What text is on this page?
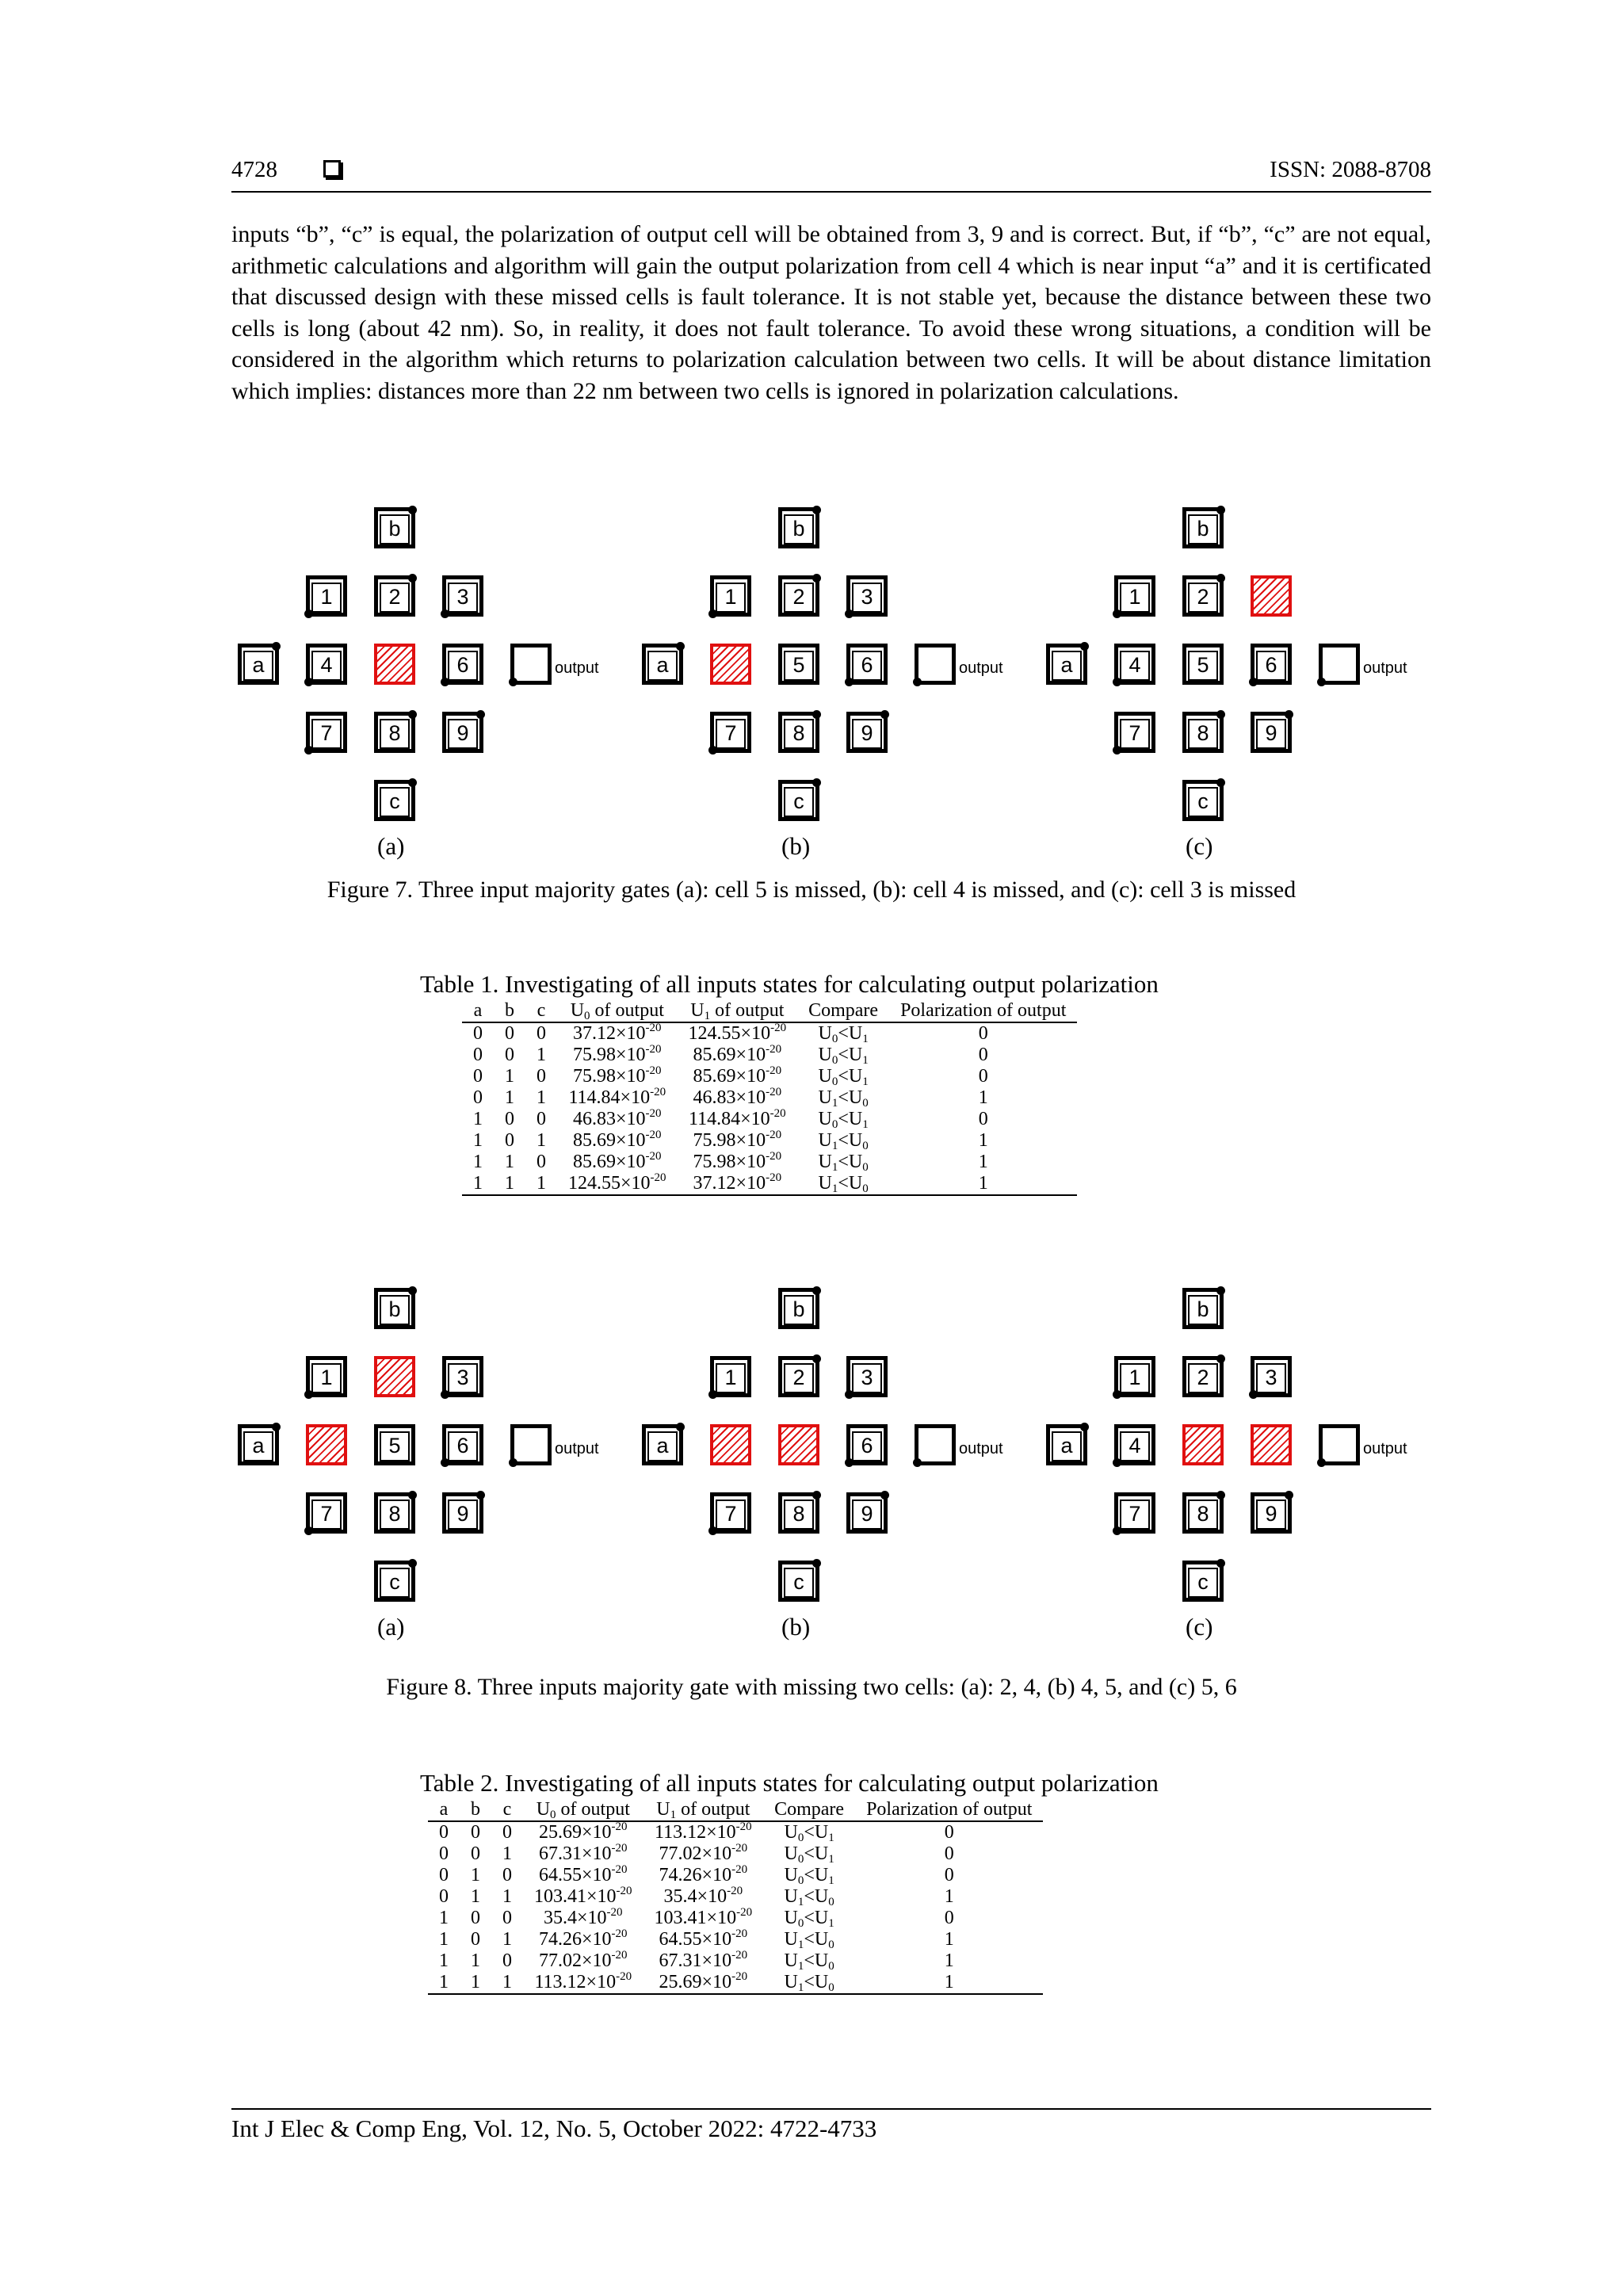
4728	ISSN: 2088-8708
inputs “b”, “c” is equal, the polarization of output cell will be obtained from 3, 9 and is correct. But, if “b”, “c” are not equal, arithmetic calculations and algorithm will gain the output polarization from cell 4 which is near input “a” and it is certificated that discussed design with these missed cells is fault tolerance. It is not stable yet, because the distance between these two cells is long (about 42 nm). So, in reality, it does not fault tolerance. To avoid these wrong situations, a condition will be considered in the algorithm which returns to polarization calculation between two cells. It will be about distance limitation which implies: distances more than 22 nm between two cells is ignored in polarization calculations.
1	2	3
4	6
7	8	9
b
a	output
c
(a)
1	2	3
5	6
7	8	9
b
a	output
c
(b)
1	2
4	5	6
7	8	9
b
a	output
c
(c)
Figure 7. Three input majority gates (a): cell 5 is missed, (b): cell 4 is missed, and (c): cell 3 is missed
Table 1. Investigating of all inputs states for calculating output polarization
a	b	c	$U_0$ of output	$U_1$ of output	Compare	Polarization of output
0	0	0	$37.12\times 10^{-20}$	$124.55\times 10^{-20}$	$U_0<U_1$	0
0	0	1	$75.98\times 10^{-20}$	$85.69\times 10^{-20}$	$U_0<U_1$	0
0	1	0	$75.98\times 10^{-20}$	$85.69\times 10^{-20}$	$U_0<U_1$	0
0	1	1	$114.84\times 10^{-20}$	$46.83\times 10^{-20}$	$U_1<U_0$	1
1	0	0	$46.83\times 10^{-20}$	$114.84\times 10^{-20}$	$U_0<U_1$	0
1	0	1	$85.69\times 10^{-20}$	$75.98\times 10^{-20}$	$U_1<U_0$	1
1	1	0	$85.69\times 10^{-20}$	$75.98\times 10^{-20}$	$U_1<U_0$	1
1	1	1	$124.55\times 10^{-20}$	$37.12\times 10^{-20}$	$U_1<U_0$	1
1	3
5	6
7	8	9
b
a	output
c
(a)
1	2	3
6
7	8	9
b
a	output
c
(b)
1	2	3
4
7	8	9
b
a	output
c
(c)
Figure 8. Three inputs majority gate with missing two cells: (a): 2, 4, (b) 4, 5, and (c) 5, 6
Table 2. Investigating of all inputs states for calculating output polarization
a	b	c	$U_0$ of output	$U_1$ of output	Compare	Polarization of output
0	0	0	$25.69\times 10^{-20}$	$113.12\times 10^{-20}$	$U_0<U_1$	0
0	0	1	$67.31\times 10^{-20}$	$77.02\times 10^{-20}$	$U_0<U_1$	0
0	1	0	$64.55\times 10^{-20}$	$74.26\times 10^{-20}$	$U_0<U_1$	0
0	1	1	$103.41\times 10^{-20}$	$35.4\times 10^{-20}$	$U_1<U_0$	1
1	0	0	$35.4\times 10^{-20}$	$103.41\times 10^{-20}$	$U_0<U_1$	0
1	0	1	$74.26\times 10^{-20}$	$64.55\times 10^{-20}$	$U_1<U_0$	1
1	1	0	$77.02\times 10^{-20}$	$67.31\times 10^{-20}$	$U_1<U_0$	1
1	1	1	$113.12\times 10^{-20}$	$25.69\times 10^{-20}$	$U_1<U_0$	1
Int J Elec & Comp Eng, Vol. 12, No. 5, October 2022: 4722-4733
